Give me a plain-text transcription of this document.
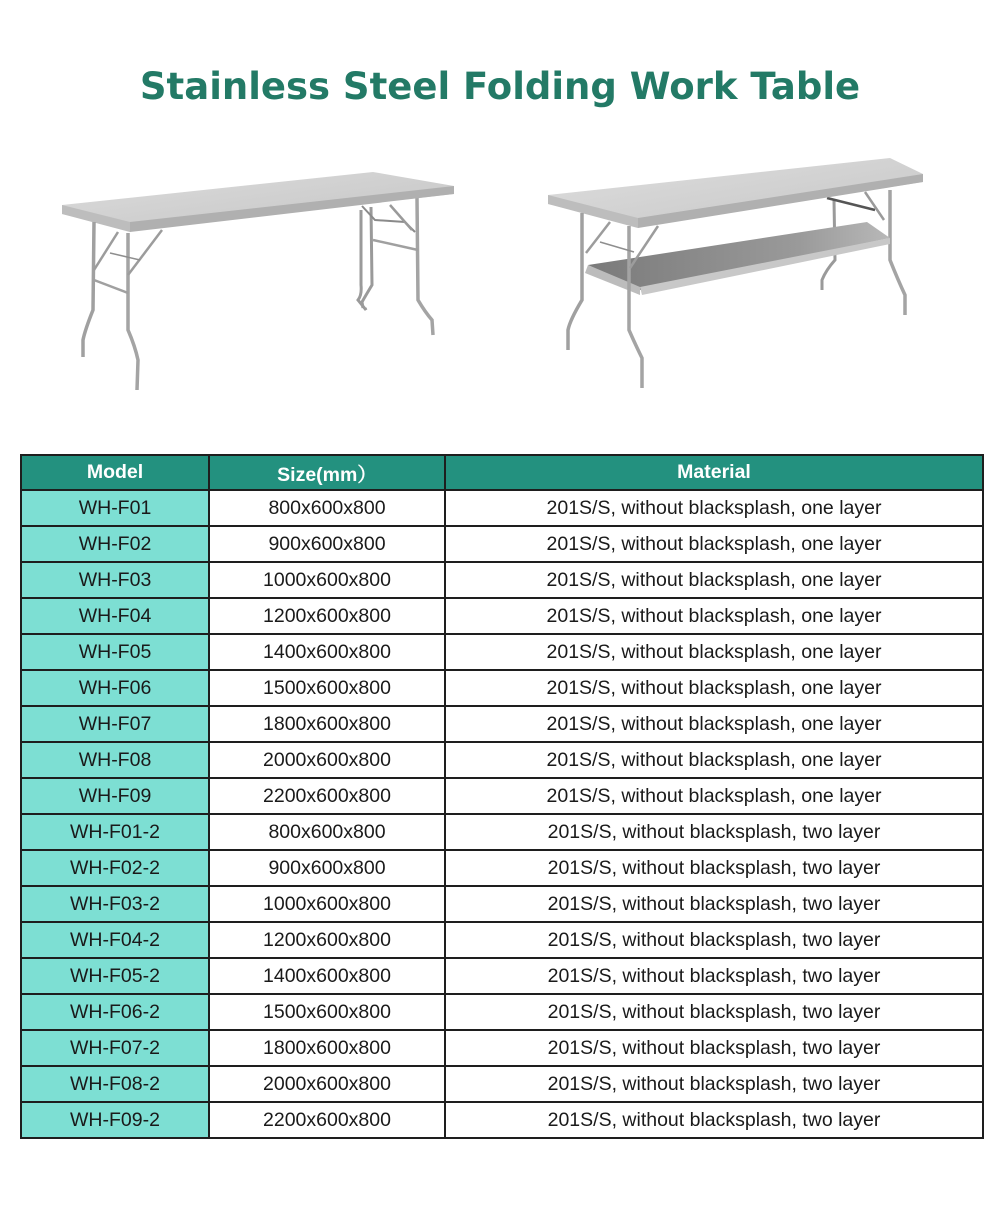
Stainless Steel Folding Work Table
Model	Size(mm）	Material
WH-F01	800x600x800	201S/S, without blacksplash, one layer
WH-F02	900x600x800	201S/S, without blacksplash, one layer
WH-F03	1000x600x800	201S/S, without blacksplash, one layer
WH-F04	1200x600x800	201S/S, without blacksplash, one layer
WH-F05	1400x600x800	201S/S, without blacksplash, one layer
WH-F06	1500x600x800	201S/S, without blacksplash, one layer
WH-F07	1800x600x800	201S/S, without blacksplash, one layer
WH-F08	2000x600x800	201S/S, without blacksplash, one layer
WH-F09	2200x600x800	201S/S, without blacksplash, one layer
WH-F01-2	800x600x800	201S/S, without blacksplash, two layer
WH-F02-2	900x600x800	201S/S, without blacksplash, two layer
WH-F03-2	1000x600x800	201S/S, without blacksplash, two layer
WH-F04-2	1200x600x800	201S/S, without blacksplash, two layer
WH-F05-2	1400x600x800	201S/S, without blacksplash, two layer
WH-F06-2	1500x600x800	201S/S, without blacksplash, two layer
WH-F07-2	1800x600x800	201S/S, without blacksplash, two layer
WH-F08-2	2000x600x800	201S/S, without blacksplash, two layer
WH-F09-2	2200x600x800	201S/S, without blacksplash, two layer
